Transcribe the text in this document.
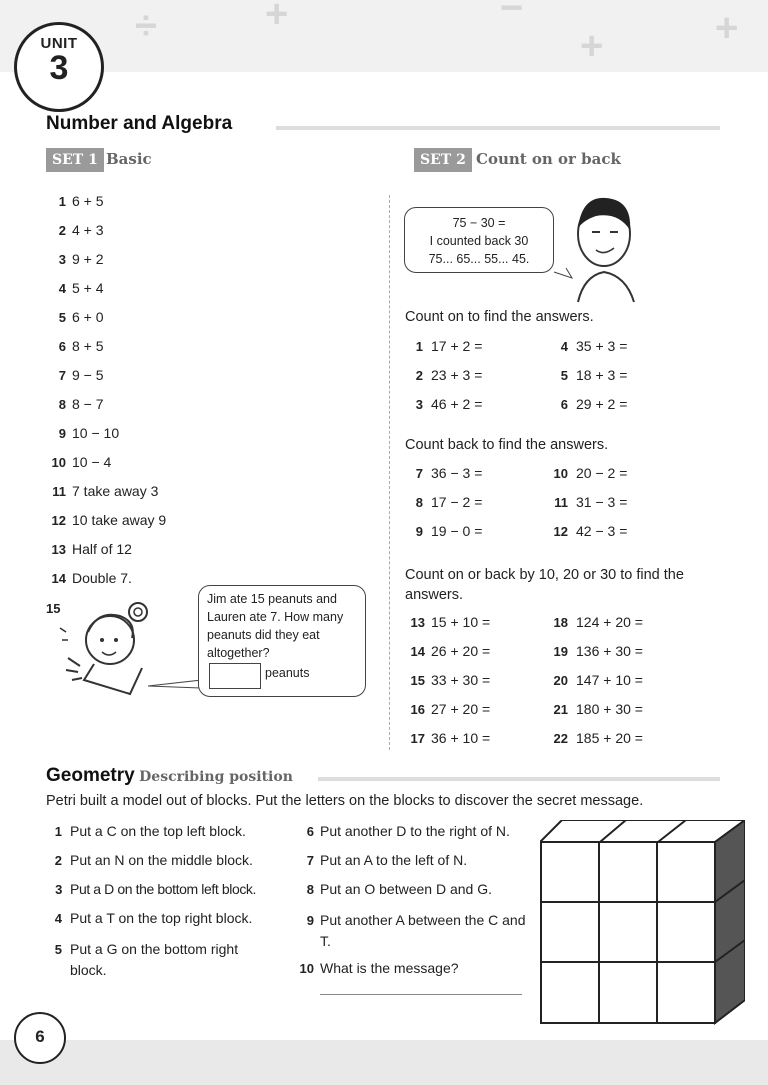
÷	+	−
+	+
UNIT
3
Number and Algebra
SET 1 Basic	SET 2 Count on or back
1 6 + 5
2 4 + 3
3 9 + 2
4 5 + 4
5 6 + 0
6 8 + 5
7 9 − 5
8 8 − 7
9 10 − 10
10 10 − 4
11 7 take away 3
12 10 take away 9
13 Half of 12
14 Double 7.
15
Jim ate 15 peanuts and Lauren ate 7. How many peanuts did they eat altogether?
peanuts
75 − 30 =
I counted back 30
75... 65... 55... 45.
Count on to find the answers.
1 17 + 2 =	4 35 + 3 =
2 23 + 3 =	5 18 + 3 =
3 46 + 2 =	6 29 + 2 =
Count back to find the answers.
7 36 − 3 =	10 20 − 2 =
8 17 − 2 =	11 31 − 3 =
9 19 − 0 =	12 42 − 3 =
Count on or back by 10, 20 or 30 to find the answers.
13 15 + 10 =	18 124 + 20 =
14 26 + 20 =	19 136 + 30 =
15 33 + 30 =	20 147 + 10 =
16 27 + 20 =	21 180 + 30 =
17 36 + 10 =	22 185 + 20 =
Geometry Describing position
Petri built a model out of blocks. Put the letters on the blocks to discover the secret message.
1 Put a C on the top left block.
2 Put an N on the middle block.
3 Put a D on the bottom left block.
4 Put a T on the top right block.
5 Put a G on the bottom right block.
6 Put another D to the right of N.
7 Put an A to the left of N.
8 Put an O between D and G.
9 Put another A between the C and T.
10 What is the message?
6
